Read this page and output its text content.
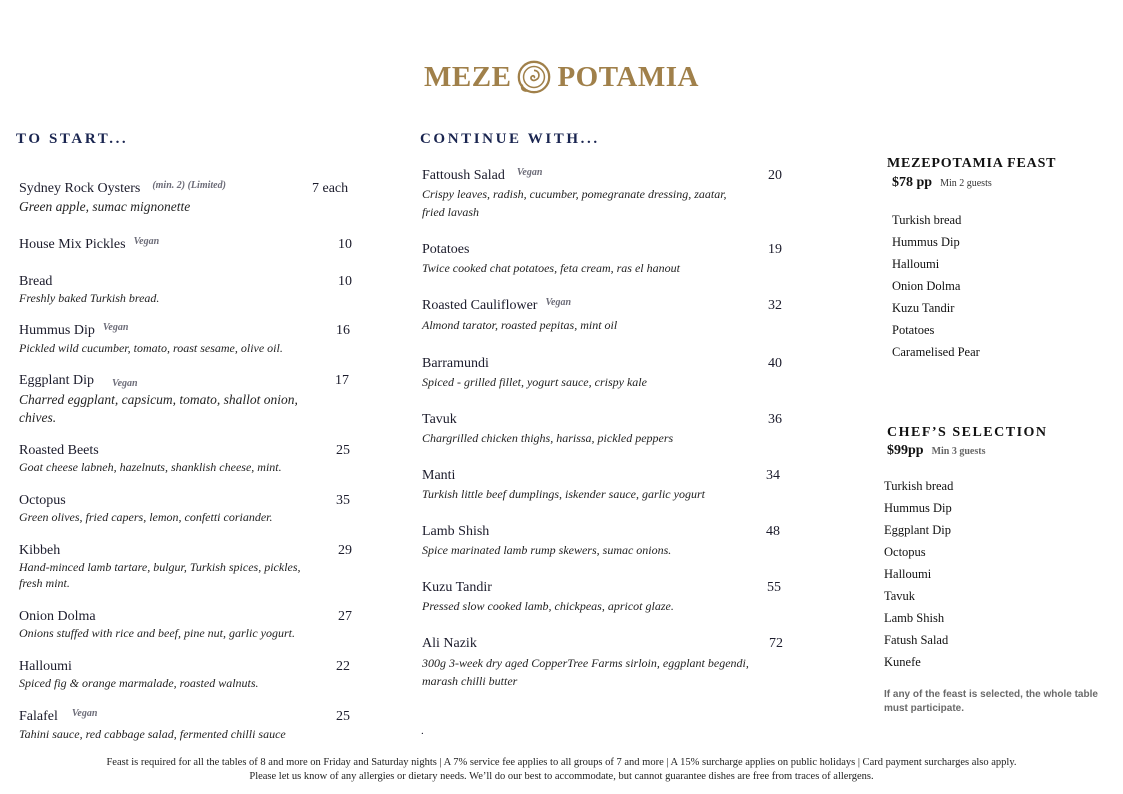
MEZE POTAMIA
TO START...	CONTINUE WITH...
Sydney Rock Oysters $^{(min. 2) (Limited)}$	7 each
Green apple, sumac mignonette
House Mix Pickles $^{Vegan}$	10
Bread	10
Freshly baked Turkish bread.
Hummus Dip $^{Vegan}$	16
Pickled wild cucumber, tomato, roast sesame, olive oil.
Eggplant Dip Vegan	17
Charred eggplant, capsicum, tomato, shallot onion, chives.
Roasted Beets	25
Goat cheese labneh, hazelnuts, shanklish cheese, mint.
Octopus	35
Green olives, fried capers, lemon, confetti coriander.
Kibbeh	29
Hand-minced lamb tartare, bulgur, Turkish spices, pickles, fresh mint.
Onion Dolma	27
Onions stuffed with rice and beef, pine nut, garlic yogurt.
Halloumi	22
Spiced fig & orange marmalade, roasted walnuts.
Falafel $^{Vegan}$	25
Tahini sauce, red cabbage salad, fermented chilli sauce
Fattoush Salad $^{Vegan}$	20
Crispy leaves, radish, cucumber, pomegranate dressing, zaatar, fried lavash
Potatoes	19
Twice cooked chat potatoes, feta cream, ras el hanout
Roasted Cauliflower $^{Vegan}$	32
Almond tarator, roasted pepitas, mint oil
Barramundi	40
Spiced - grilled fillet, yogurt sauce, crispy kale
Tavuk	36
Chargrilled chicken thighs, harissa, pickled peppers
Manti	34
Turkish little beef dumplings, iskender sauce, garlic yogurt
Lamb Shish	48
Spice marinated lamb rump skewers, sumac onions.
Kuzu Tandir	55
Pressed slow cooked lamb, chickpeas, apricot glaze.
Ali Nazik	72
300g 3-week dry aged CopperTree Farms sirloin, eggplant begendi, marash chilli butter
.
MEZEPOTAMIA FEAST
$78 pp Min 2 guests
Turkish bread
Hummus Dip
Halloumi
Onion Dolma
Kuzu Tandir
Potatoes
Caramelised Pear
CHEF’S SELECTION
$99pp Min 3 guests
Turkish bread
Hummus Dip
Eggplant Dip
Octopus
Halloumi
Tavuk
Lamb Shish
Fatush Salad
Kunefe
If any of the feast is selected, the whole table must participate.
Feast is required for all the tables of 8 and more on Friday and Saturday nights | A 7% service fee applies to all groups of 7 and more | A 15% surcharge applies on public holidays | Card payment surcharges also apply.
Please let us know of any allergies or dietary needs. We’ll do our best to accommodate, but cannot guarantee dishes are free from traces of allergens.
